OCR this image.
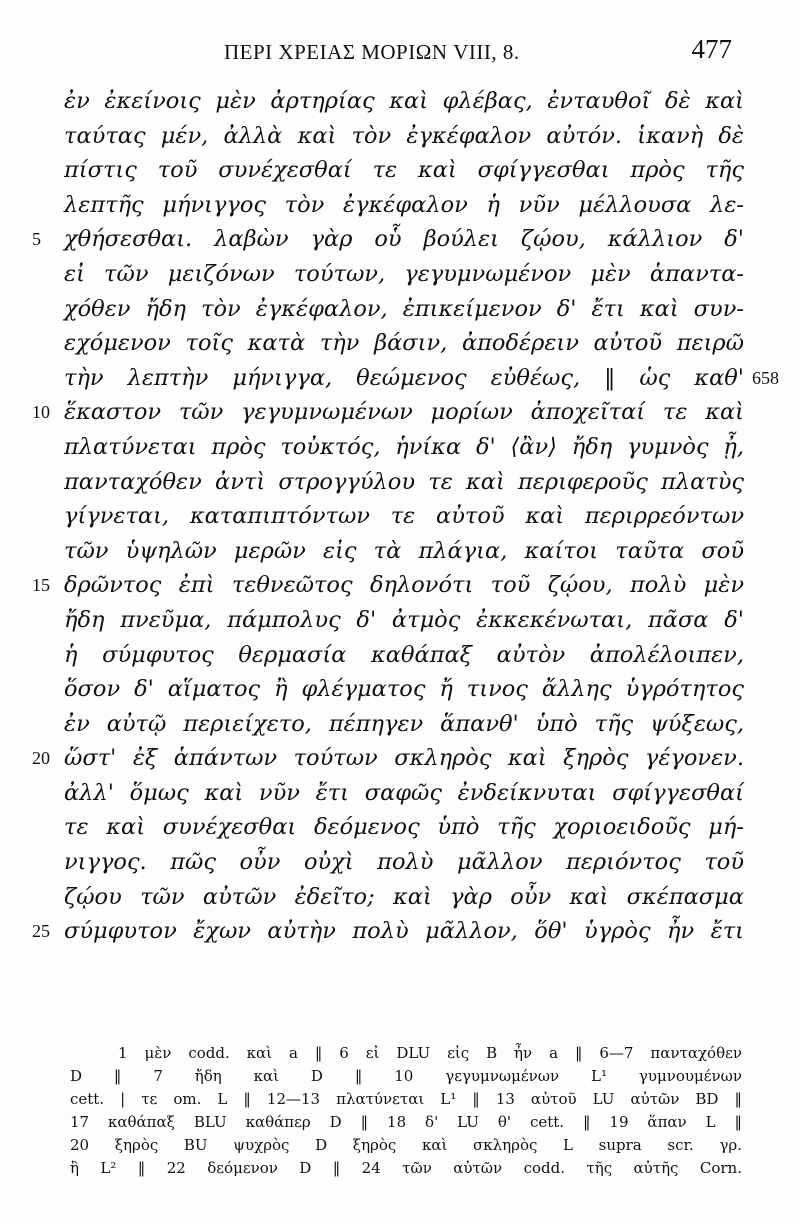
ΠΕΡΙ ΧΡΕΙΑΣ ΜΟΡΙΩΝ VIII, 8.	477
ἐν ἐκείνοις μὲν ἀρτηρίας καὶ φλέβας, ἐνταυθοῖ δὲ καὶ
ταύτας μέν, ἀλλὰ καὶ τὸν ἐγκέφαλον αὐτόν. ἱκανὴ δὲ
πίστις τοῦ συνέχεσθαί τε καὶ σφίγγεσθαι πρὸς τῆς
λεπτῆς μήνιγγος τὸν ἐγκέφαλον ἡ νῦν μέλλουσα λε-
5	χθήσεσθαι. λαβὼν γὰρ οὗ βούλει ζῴου, κάλλιον δ'
εἰ τῶν μειζόνων τούτων, γεγυμνωμένον μὲν ἁπαντα-
χόθεν ἤδη τὸν ἐγκέφαλον, ἐπικείμενον δ' ἔτι καὶ συν-
εχόμενον τοῖς κατὰ τὴν βάσιν, ἀποδέρειν αὐτοῦ πειρῶ
τὴν λεπτὴν μήνιγγα, θεώμενος εὐθέως, ‖ ὡς καθ' 658
10 ἕκαστον τῶν γεγυμνωμένων μορίων ἀποχεῖταί τε καὶ
πλατύνεται πρὸς τοὐκτός, ἡνίκα δ' ⟨ἂν⟩ ἤδη γυμνὸς ᾖ,
πανταχόθεν ἀντὶ στρογγύλου τε καὶ περιφεροῦς πλατὺς
γίγνεται, καταπιπτόντων τε αὐτοῦ καὶ περιρρεόντων
τῶν ὑψηλῶν μερῶν εἰς τὰ πλάγια, καίτοι ταῦτα σοῦ
15 δρῶντος ἐπὶ τεθνεῶτος δηλονότι τοῦ ζῴου, πολὺ μὲν
ἤδη πνεῦμα, πάμπολυς δ' ἀτμὸς ἐκκεκένωται, πᾶσα δ'
ἡ σύμφυτος θερμασία καθάπαξ αὐτὸν ἀπολέλοιπεν,
ὅσον δ' αἵματος ἢ φλέγματος ἤ τινος ἄλλης ὑγρότητος
ἐν αὐτῷ περιείχετο, πέπηγεν ἅπανθ' ὑπὸ τῆς ψύξεως,
20 ὥστ' ἐξ ἁπάντων τούτων σκληρὸς καὶ ξηρὸς γέγονεν.
ἀλλ' ὅμως καὶ νῦν ἔτι σαφῶς ἐνδείκνυται σφίγγεσθαί
τε καὶ συνέχεσθαι δεόμενος ὑπὸ τῆς χοριοειδοῦς μή-
νιγγος. πῶς οὖν οὐχὶ πολὺ μᾶλλον περιόντος τοῦ
ζῴου τῶν αὐτῶν ἐδεῖτο; καὶ γὰρ οὖν καὶ σκέπασμα
25 σύμφυτον ἔχων αὐτὴν πολὺ μᾶλλον, ὅθ' ὑγρὸς ἦν ἔτι
1 μὲν codd. καὶ a ‖ 6 εἰ DLU εἰς B ἦν a ‖ 6—7 πανταχόθεν
D ‖ 7 ἤδη καὶ D ‖ 10 γεγυμνωμένων L¹ γυμνουμένων
cett. | τε om. L ‖ 12—13 πλατύνεται L¹ ‖ 13 αὐτοῦ LU αὐτῶν BD ‖
17 καθάπαξ BLU καθάπερ D ‖ 18 δ' LU θ' cett. ‖ 19 ἅπαν L ‖
20 ξηρὸς BU ψυχρὸς D ξηρὸς καὶ σκληρὸς L supra scr. γρ.
ἢ L² ‖ 22 δεόμενον D ‖ 24 τῶν αὐτῶν codd. τῆς αὐτῆς Corn.
